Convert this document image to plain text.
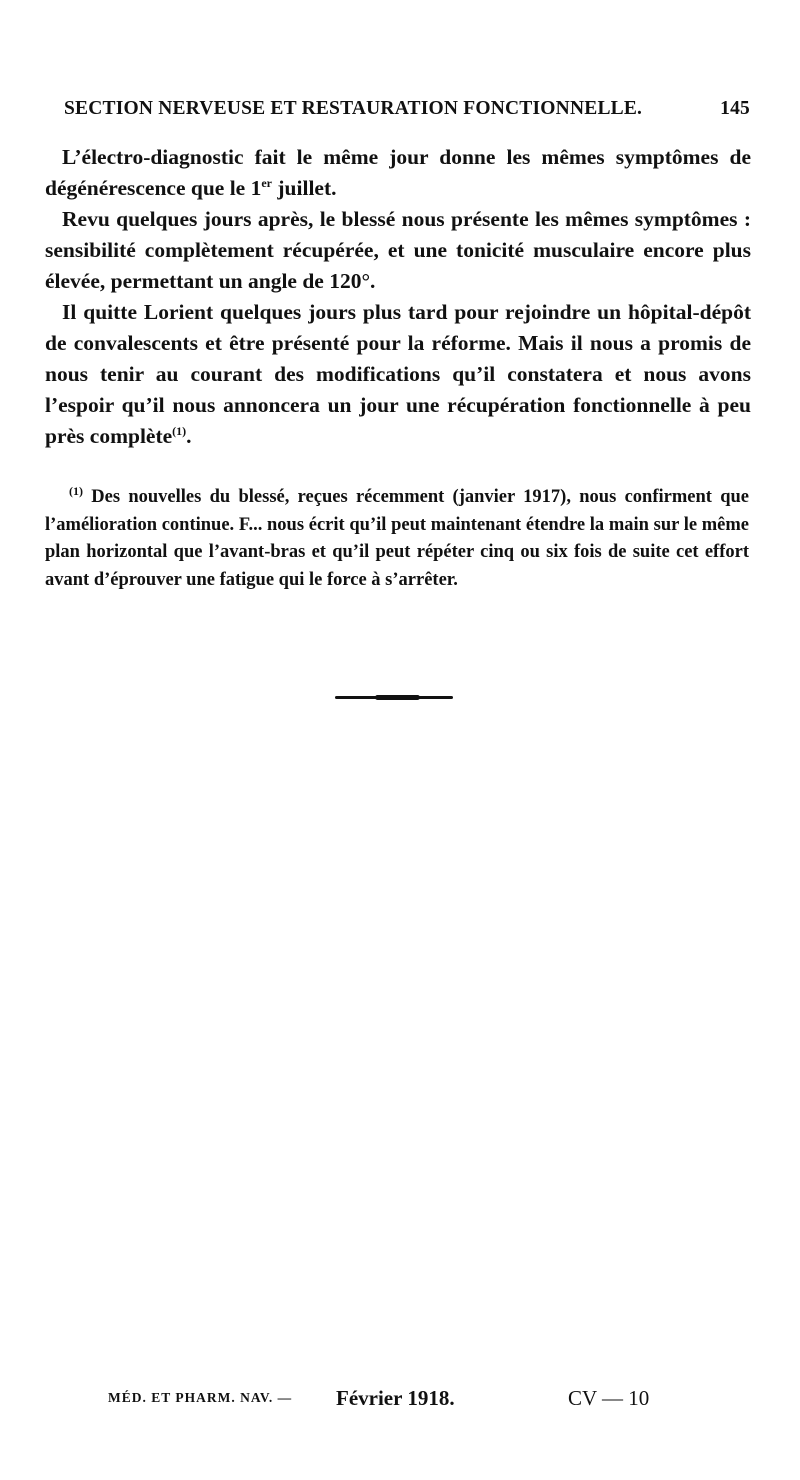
SECTION NERVEUSE ET RESTAURATION FONCTIONNELLE.	145

L’électro-diagnostic fait le même jour donne les mêmes symptômes de dégénérescence que le 1er juillet.

Revu quelques jours après, le blessé nous présente les mêmes symptômes : sensibilité complètement récupérée, et une tonicité musculaire encore plus élevée, permettant un angle de 120°.

Il quitte Lorient quelques jours plus tard pour rejoindre un hôpital-dépôt de convalescents et être présenté pour la réforme. Mais il nous a promis de nous tenir au courant des modifications qu’il constatera et nous avons l’espoir qu’il nous annoncera un jour une récupération fonctionnelle à peu près complète$^{(1)}$.

$^{(1)}$ Des nouvelles du blessé, reçues récemment (janvier 1917), nous confirment que l’amélioration continue. F... nous écrit qu’il peut maintenant étendre la main sur le même plan horizontal que l’avant-bras et qu’il peut répéter cinq ou six fois de suite cet effort avant d’éprouver une fatigue qui le force à s’arrêter.

MÉD. ET PHARM. NAV. — Février 1918.	CV — 10
